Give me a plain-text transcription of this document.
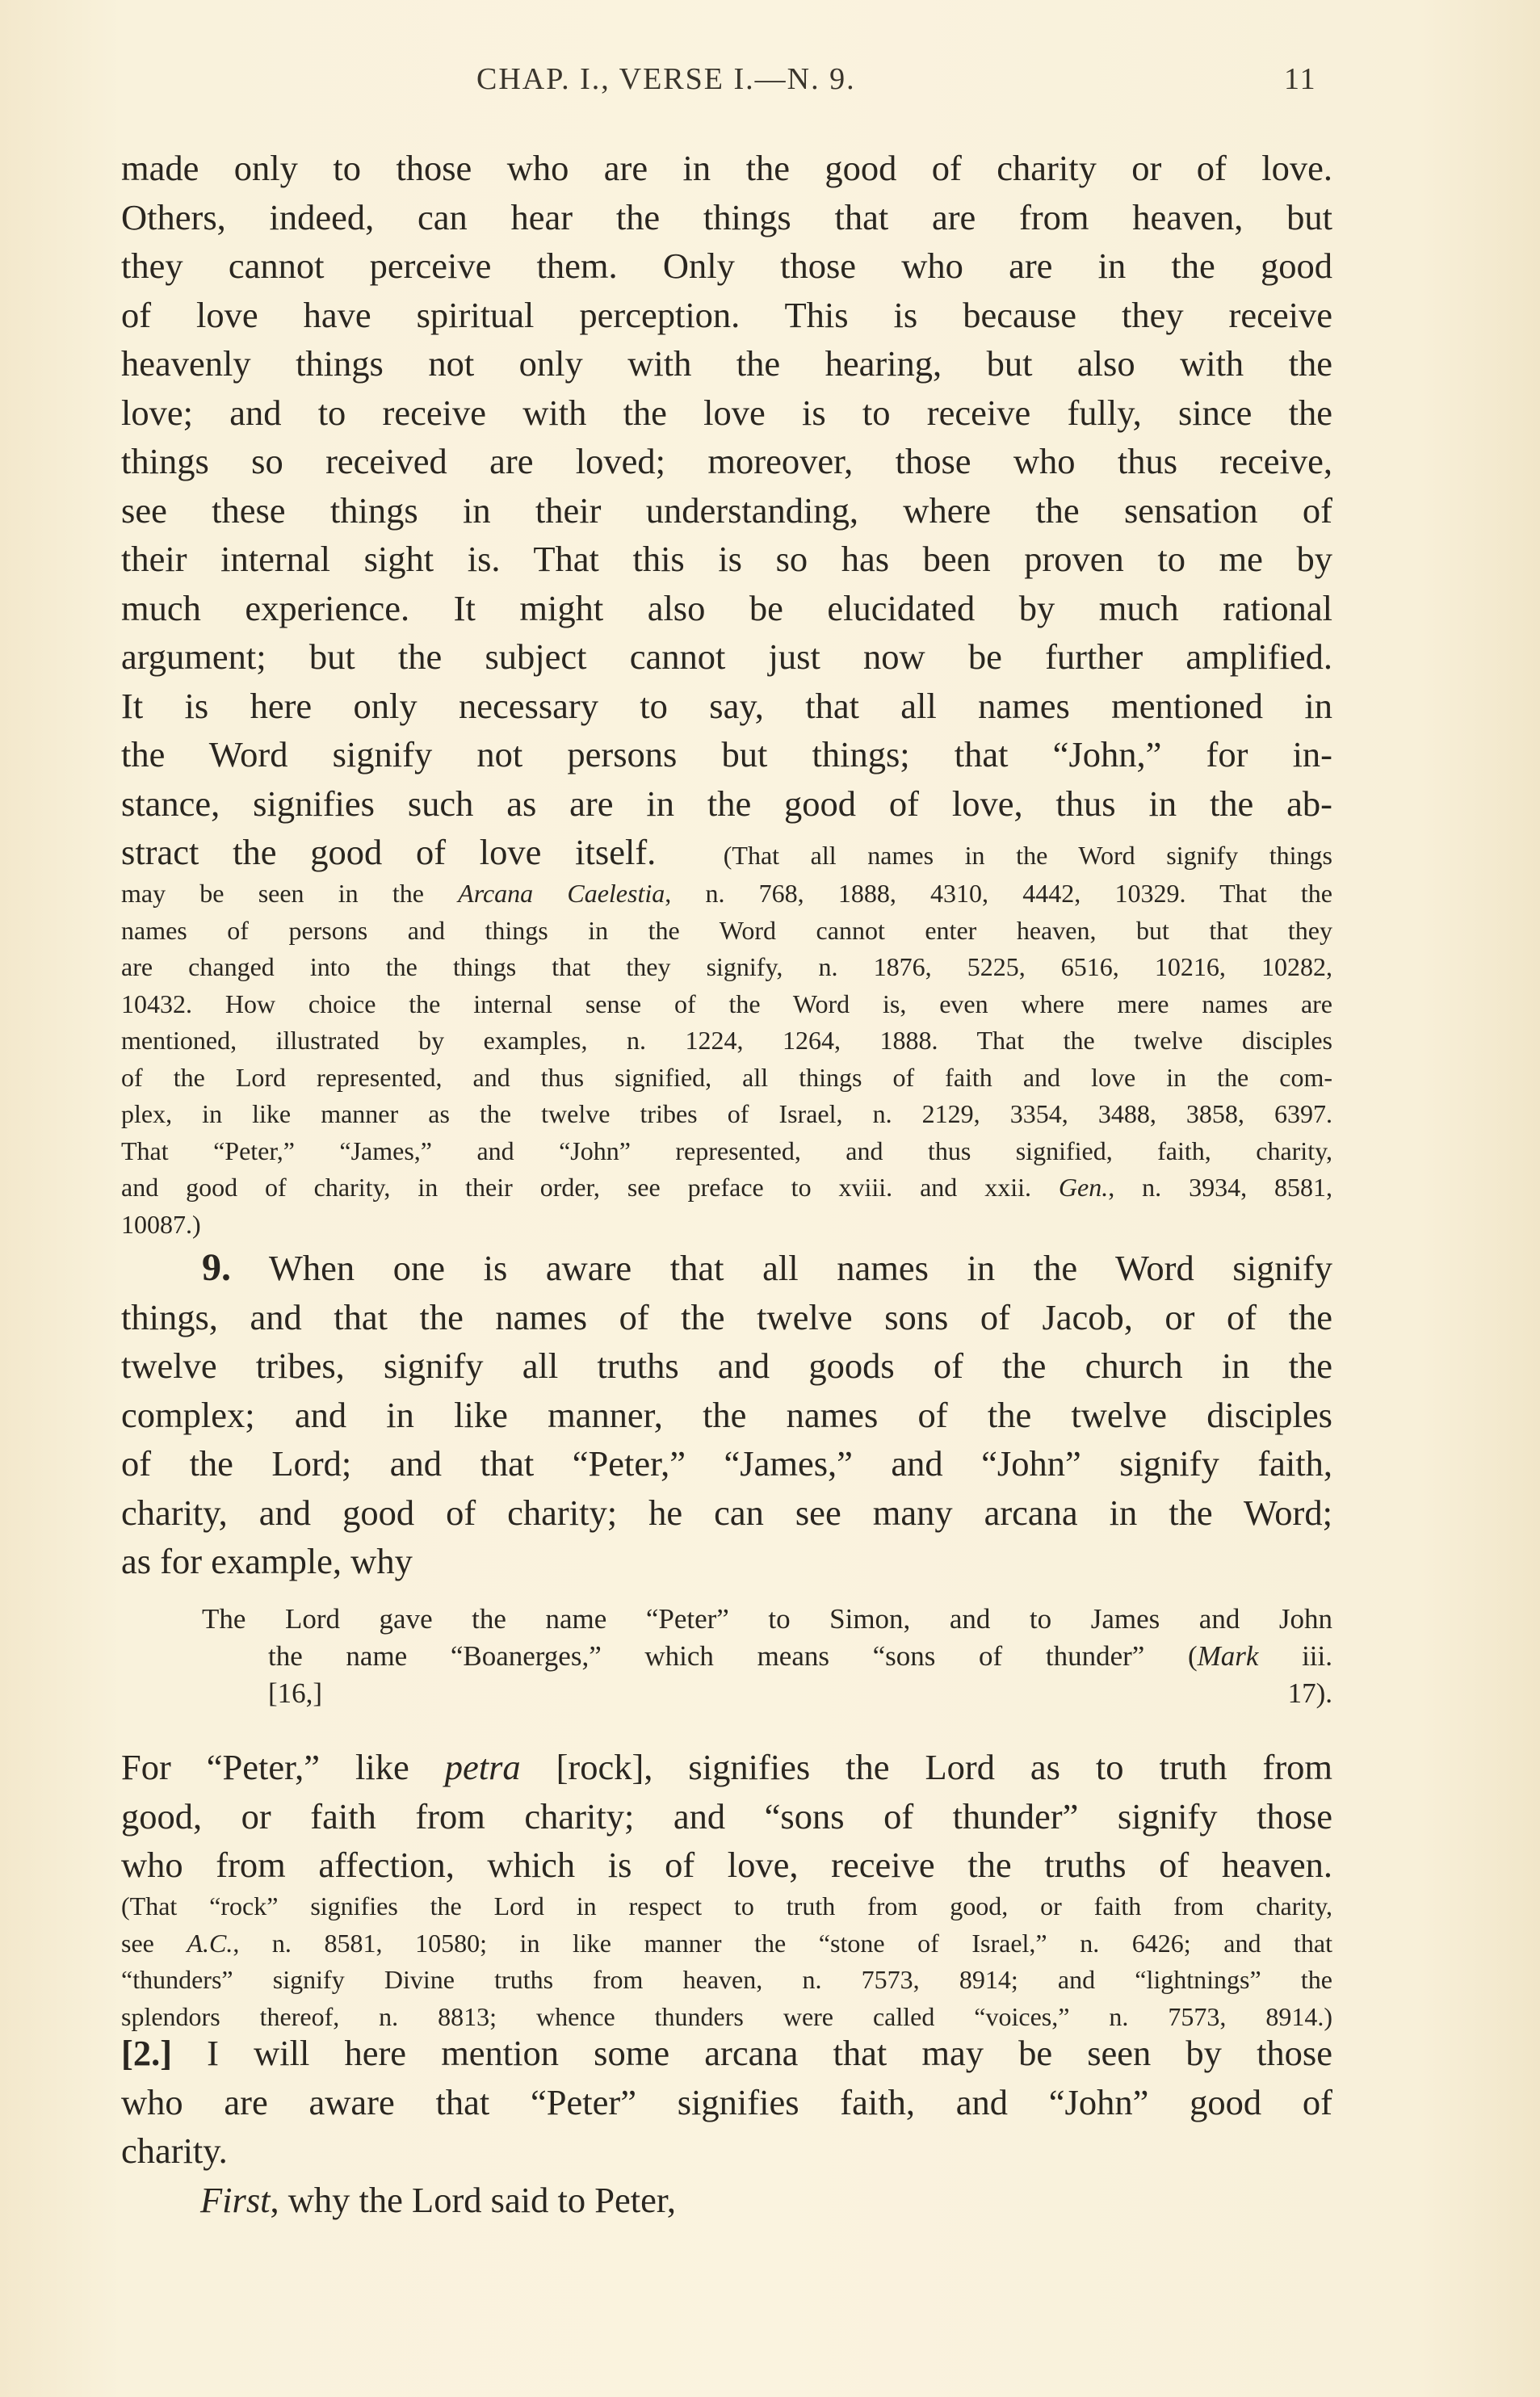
CHAP. I., VERSE I.—N. 9.	11
made only to those who are in the good of charity or of love.
Others, indeed, can hear the things that are from heaven, but
they cannot perceive them. Only those who are in the good
of love have spiritual perception. This is because they receive
heavenly things not only with the hearing, but also with the
love; and to receive with the love is to receive fully, since the
things so received are loved; moreover, those who thus receive,
see these things in their understanding, where the sensation of
their internal sight is. That this is so has been proven to me by
much experience. It might also be elucidated by much rational
argument; but the subject cannot just now be further amplified.
It is here only necessary to say, that all names mentioned in
the Word signify not persons but things; that “John,” for in-
stance, signifies such as are in the good of love, thus in the ab-
stract the good of love itself.	(That all names in the Word signify things
may be seen in the Arcana Caelestia, n. 768, 1888, 4310, 4442, 10329. That the
names of persons and things in the Word cannot enter heaven, but that they
are changed into the things that they signify, n. 1876, 5225, 6516, 10216, 10282,
10432. How choice the internal sense of the Word is, even where mere names are
mentioned, illustrated by examples, n. 1224, 1264, 1888. That the twelve disciples
of the Lord represented, and thus signified, all things of faith and love in the com-
plex, in like manner as the twelve tribes of Israel, n. 2129, 3354, 3488, 3858, 6397.
That “Peter,” “James,” and “John” represented, and thus signified, faith, charity,
and good of charity, in their order, see preface to xviii. and xxii. Gen., n. 3934, 8581,
10087.)
9. When one is aware that all names in the Word signify
things, and that the names of the twelve sons of Jacob, or of the
twelve tribes, signify all truths and goods of the church in the
complex; and in like manner, the names of the twelve disciples
of the Lord; and that “Peter,” “James,” and “John” signify faith,
charity, and good of charity; he can see many arcana in the Word;
as for example, why
The Lord gave the name “Peter” to Simon, and to James and John
the name “Boanerges,” which means “sons of thunder” (Mark iii.
[16,] 17).
For “Peter,” like petra [rock], signifies the Lord as to truth from
good, or faith from charity; and “sons of thunder” signify those
who from affection, which is of love, receive the truths of heaven.
(That “rock” signifies the Lord in respect to truth from good, or faith from charity,
see A.C., n. 8581, 10580; in like manner the “stone of Israel,” n. 6426; and that
“thunders” signify Divine truths from heaven, n. 7573, 8914; and “lightnings” the
splendors thereof, n. 8813; whence thunders were called “voices,” n. 7573, 8914.)
[2.] I will here mention some arcana that may be seen by those
who are aware that “Peter” signifies faith, and “John” good of
charity.
First, why the Lord said to Peter,
